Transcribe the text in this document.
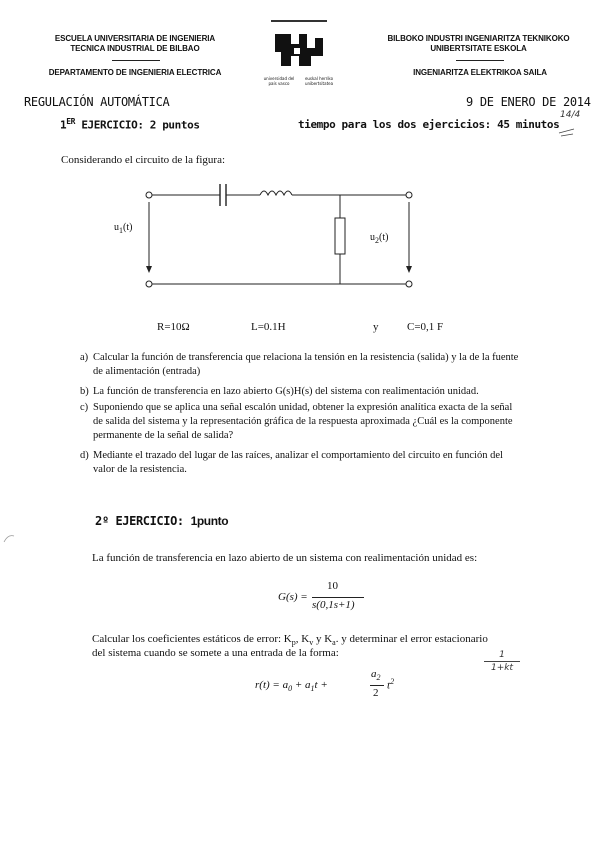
ESCUELA UNIVERSITARIA DE INGENIERIA
TECNICA INDUSTRIAL DE BILBAO
DEPARTAMENTO DE INGENIERIA ELECTRICA
universidad del país vasco
euskal herriko unibertsitatea
BILBOKO INDUSTRI INGENIARITZA TEKNIKOKO
UNIBERTSITATE ESKOLA
INGENIARITZA ELEKTRIKOA SAILA
REGULACIÓN AUTOMÁTICA	9 DE ENERO DE 2014
1ER EJERCICIO: 2 puntos	tiempo para los dos ejercicios: 45 minutos
14/4
Considerando el circuito de la figura:
$u_1(t)$
$u_2(t)$
R=10Ω	L=0.1H	y	C=0,1 F
a) Calcular la función de transferencia que relaciona la tensión en la resistencia (salida) y la de la fuente de alimentación (entrada)
b) La función de transferencia en lazo abierto G(s)H(s) del sistema con realimentación unidad.
c) Suponiendo que se aplica una señal escalón unidad, obtener la expresión analítica exacta de la señal de salida del sistema y la representación gráfica de la respuesta aproximada ¿Cuál es la componente permanente de la señal de salida?
d) Mediante el trazado del lugar de las raíces, analizar el comportamiento del circuito en función del valor de la resistencia.
2º EJERCICIO: 1punto
La función de transferencia en lazo abierto de un sistema con realimentación unidad es:
G(s) =
10
s(0,1s+1)
Calcular los coeficientes estáticos de error: $K_p$, $K_v$ y $K_a$. y determinar el error estacionario
del sistema cuando se somete a una entrada de la forma:
$r(t) = a_0 + a_1t$ +
$a_2$
2
$t^2$
1
1+kt
